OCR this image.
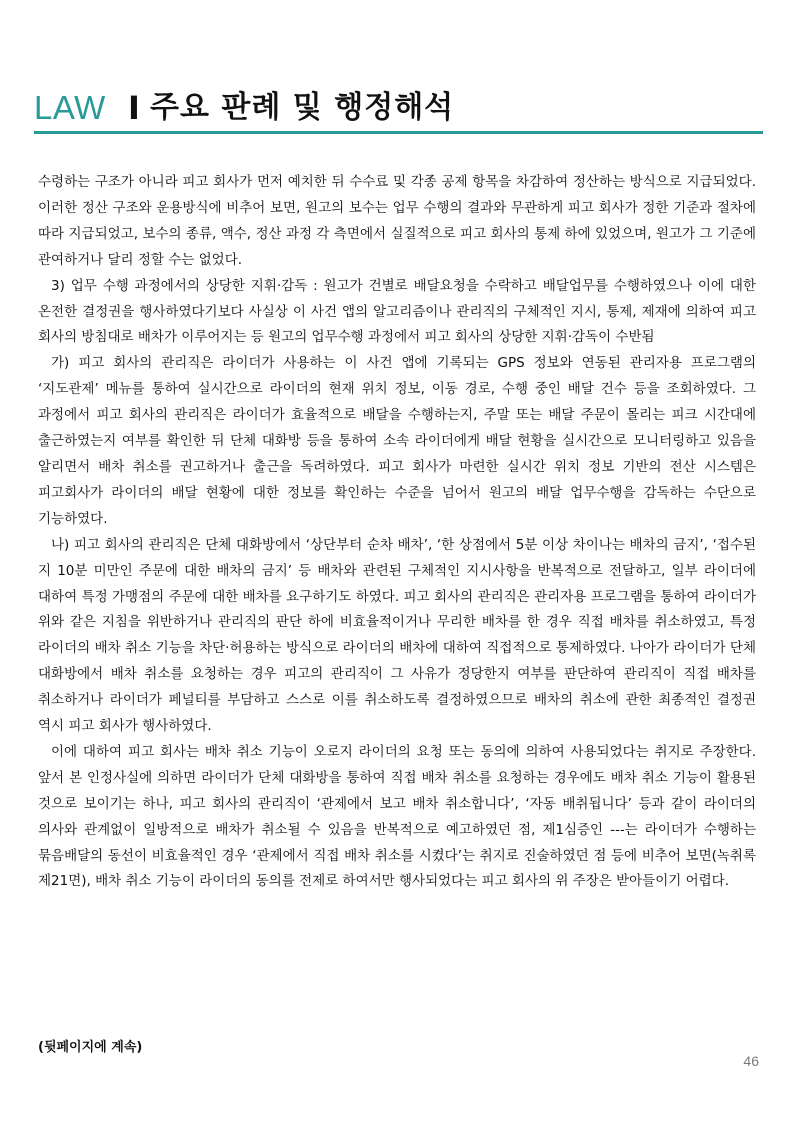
LAW I 주요 판례 및 행정해석

수령하는 구조가 아니라 피고 회사가 먼저 예치한 뒤 수수료 및 각종 공제 항목을 차감하여 정산하는 방식으로 지급되었다. 이러한 정산 구조와 운용방식에 비추어 보면, 원고의 보수는 업무 수행의 결과와 무관하게 피고 회사가 정한 기준과 절차에 따라 지급되었고, 보수의 종류, 액수, 정산 과정 각 측면에서 실질적으로 피고 회사의 통제 하에 있었으며, 원고가 그 기준에 관여하거나 달리 정할 수는 없었다.

3) 업무 수행 과정에서의 상당한 지휘·감독 : 원고가 건별로 배달요청을 수락하고 배달업무를 수행하였으나 이에 대한 온전한 결정권을 행사하였다기보다 사실상 이 사건 앱의 알고리즘이나 관리직의 구체적인 지시, 통제, 제재에 의하여 피고 회사의 방침대로 배차가 이루어지는 등 원고의 업무수행 과정에서 피고 회사의 상당한 지휘·감독이 수반됨

가) 피고 회사의 관리직은 라이더가 사용하는 이 사건 앱에 기록되는 GPS 정보와 연동된 관리자용 프로그램의 ‘지도관제’ 메뉴를 통하여 실시간으로 라이더의 현재 위치 정보, 이동 경로, 수행 중인 배달 건수 등을 조회하였다. 그 과정에서 피고 회사의 관리직은 라이더가 효율적으로 배달을 수행하는지, 주말 또는 배달 주문이 몰리는 피크 시간대에 출근하였는지 여부를 확인한 뒤 단체 대화방 등을 통하여 소속 라이더에게 배달 현황을 실시간으로 모니터링하고 있음을 알리면서 배차 취소를 권고하거나 출근을 독려하였다. 피고 회사가 마련한 실시간 위치 정보 기반의 전산 시스템은 피고회사가 라이더의 배달 현황에 대한 정보를 확인하는 수준을 넘어서 원고의 배달 업무수행을 감독하는 수단으로 기능하였다.

나) 피고 회사의 관리직은 단체 대화방에서 ‘상단부터 순차 배차’, ‘한 상점에서 5분 이상 차이나는 배차의 금지’, ‘접수된 지 10분 미만인 주문에 대한 배차의 금지’ 등 배차와 관련된 구체적인 지시사항을 반복적으로 전달하고, 일부 라이더에 대하여 특정 가맹점의 주문에 대한 배차를 요구하기도 하였다. 피고 회사의 관리직은 관리자용 프로그램을 통하여 라이더가 위와 같은 지침을 위반하거나 관리직의 판단 하에 비효율적이거나 무리한 배차를 한 경우 직접 배차를 취소하였고, 특정 라이더의 배차 취소 기능을 차단·허용하는 방식으로 라이더의 배차에 대하여 직접적으로 통제하였다. 나아가 라이더가 단체 대화방에서 배차 취소를 요청하는 경우 피고의 관리직이 그 사유가 정당한지 여부를 판단하여 관리직이 직접 배차를 취소하거나 라이더가 페널티를 부담하고 스스로 이를 취소하도록 결정하였으므로 배차의 취소에 관한 최종적인 결정권 역시 피고 회사가 행사하였다.

이에 대하여 피고 회사는 배차 취소 기능이 오로지 라이더의 요청 또는 동의에 의하여 사용되었다는 취지로 주장한다. 앞서 본 인정사실에 의하면 라이더가 단체 대화방을 통하여 직접 배차 취소를 요청하는 경우에도 배차 취소 기능이 활용된 것으로 보이기는 하나, 피고 회사의 관리직이 ‘관제에서 보고 배차 취소합니다’, ‘자동 배취됩니다’ 등과 같이 라이더의 의사와 관계없이 일방적으로 배차가 취소될 수 있음을 반복적으로 예고하였던 점, 제1심증인 ---는 라이더가 수행하는 묶음배달의 동선이 비효율적인 경우 ‘관제에서 직접 배차 취소를 시켰다’는 취지로 진술하였던 점 등에 비추어 보면(녹취록 제21면), 배차 취소 기능이 라이더의 동의를 전제로 하여서만 행사되었다는 피고 회사의 위 주장은 받아들이기 어렵다.

(뒷페이지에 계속)
46
